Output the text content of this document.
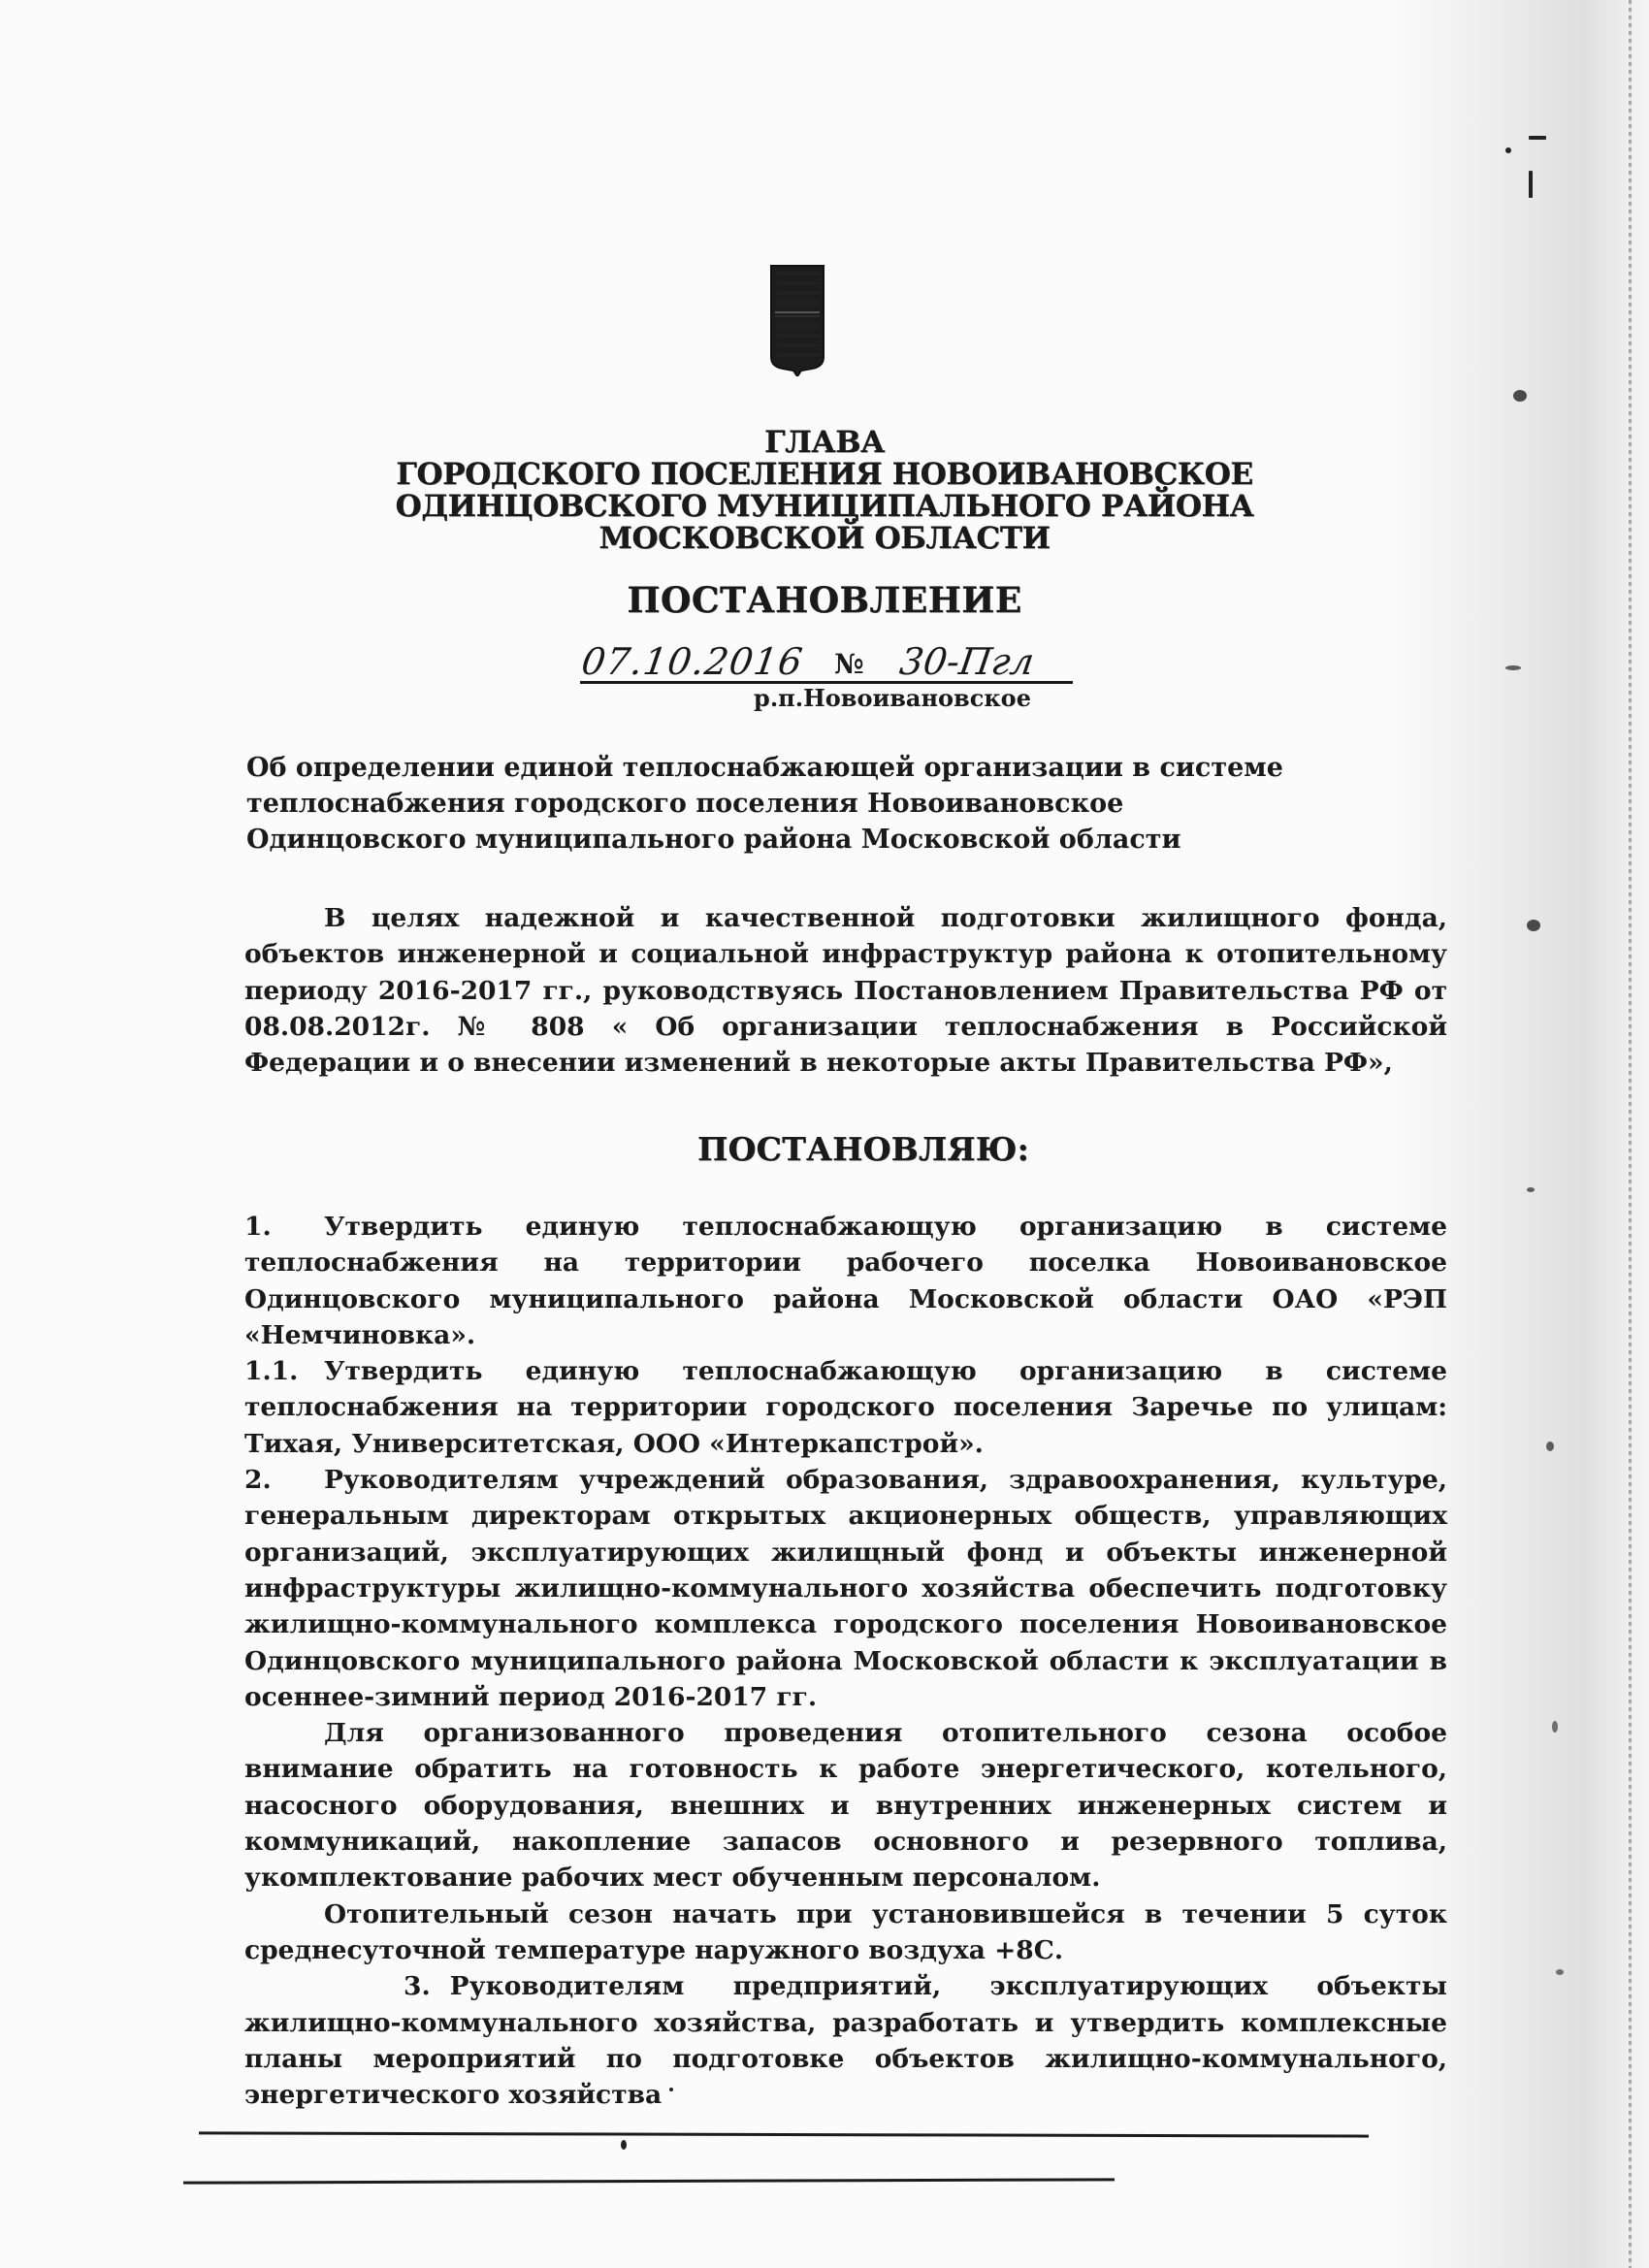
ГЛАВА
ГОРОДСКОГО ПОСЕЛЕНИЯ НОВОИВАНОВСКОЕ
ОДИНЦОВСКОГО МУНИЦИПАЛЬНОГО РАЙОНА
МОСКОВСКОЙ ОБЛАСТИ
ПОСТАНОВЛЕНИЕ
07.10.2016 № 30-Пгл
р.п.Новоивановское
Об определении единой теплоснабжающей организации в системе
теплоснабжения городского поселения Новоивановское
Одинцовского муниципального района Московской области
В целях надежной и качественной подготовки жилищного фонда, объектов инженерной и социальной инфраструктур района к отопительному периоду 2016-2017 гг., руководствуясь Постановлением Правительства РФ от 08.08.2012г. № 808 « Об организации теплоснабжения в Российской Федерации и о внесении изменений в некоторые акты Правительства РФ»,
ПОСТАНОВЛЯЮ:
1. Утвердить единую теплоснабжающую организацию в системе теплоснабжения на территории рабочего поселка Новоивановское Одинцовского муниципального района Московской области ОАО «РЭП «Немчиновка».
1.1. Утвердить единую теплоснабжающую организацию в системе теплоснабжения на территории городского поселения Заречье по улицам: Тихая, Университетская, ООО «Интеркапстрой».
2. Руководителям учреждений образования, здравоохранения, культуре, генеральным директорам открытых акционерных обществ, управляющих организаций, эксплуатирующих жилищный фонд и объекты инженерной инфраструктуры жилищно-коммунального хозяйства обеспечить подготовку жилищно-коммунального комплекса городского поселения Новоивановское Одинцовского муниципального района Московской области к эксплуатации в осеннее-зимний период 2016-2017 гг.
Для организованного проведения отопительного сезона особое внимание обратить на готовность к работе энергетического, котельного, насосного оборудования, внешних и внутренних инженерных систем и коммуникаций, накопление запасов основного и резервного топлива, укомплектование рабочих мест обученным персоналом.
Отопительный сезон начать при установившейся в течении 5 суток среднесуточной температуре наружного воздуха +8С.
3. Руководителям предприятий, эксплуатирующих объекты жилищно-коммунального хозяйства, разработать и утвердить комплексные планы мероприятий по подготовке объектов жилищно-коммунального, энергетического хозяйства
